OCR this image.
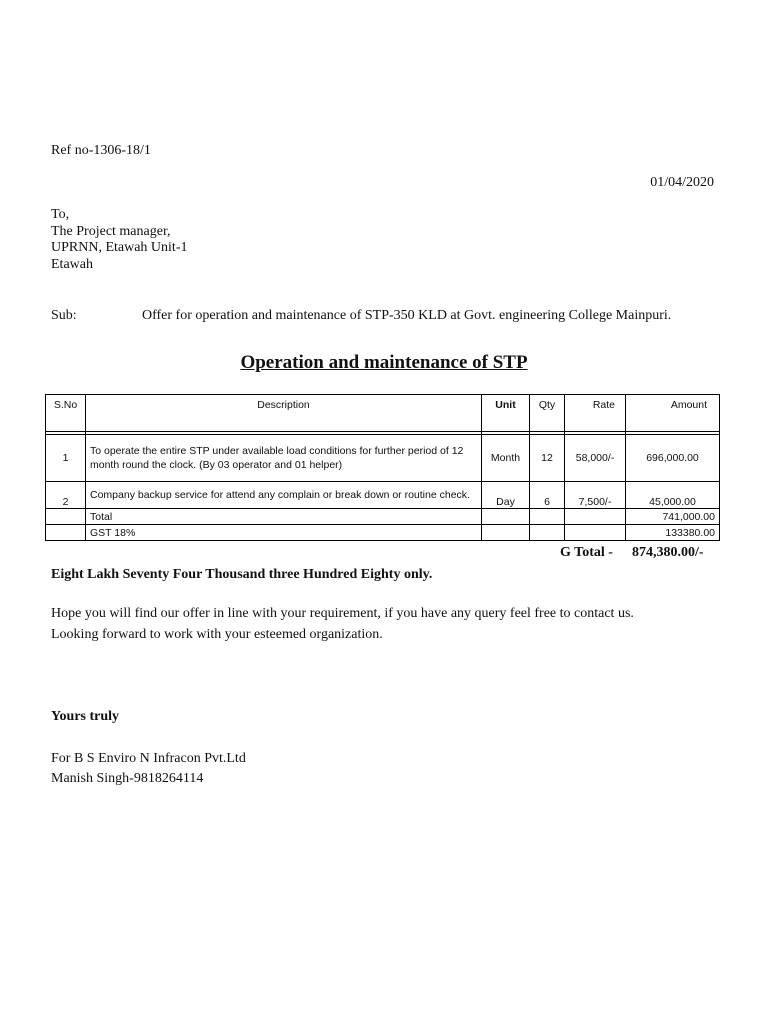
Ref no-1306-18/1
01/04/2020
To,
The Project manager,
UPRNN, Etawah Unit-1
Etawah
Sub:	Offer for operation and maintenance of STP-350 KLD at Govt. engineering College Mainpuri.
Operation and maintenance of STP
S.No	Description	Unit	Qty	Rate	Amount

1	To operate the entire STP under available load conditions for further period of 12 month round the clock. (By 03 operator and 01 helper)	Month	12	58,000/-	696,000.00
2	Company backup service for attend any complain or break down or routine check.	Day	6	7,500/-	45,000.00
	Total				741,000.00
	GST 18%				133380.00
G Total - 874,380.00/-
Eight Lakh Seventy Four Thousand three Hundred Eighty only.
Hope you will find our offer in line with your requirement, if you have any query feel free to contact us.
Looking forward to work with your esteemed organization.
Yours truly
For B S Enviro N Infracon Pvt.Ltd
Manish Singh-9818264114
